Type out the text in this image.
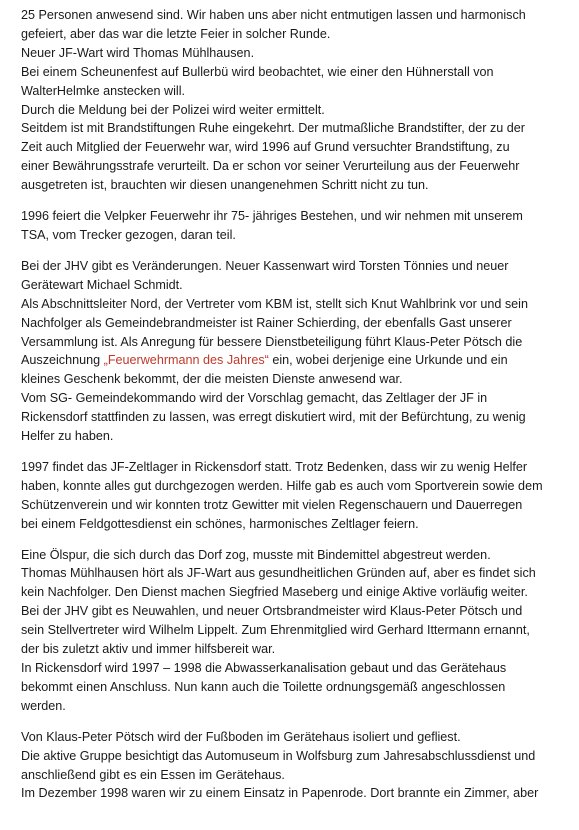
25 Personen anwesend sind. Wir haben uns aber nicht entmutigen lassen und harmonisch
gefeiert, aber das war die letzte Feier in solcher Runde.
Neuer JF-Wart wird Thomas Mühlhausen.
Bei einem Scheunenfest auf Bullerbü wird beobachtet, wie einer den Hühnerstall von
WalterHelmke anstecken will.
Durch die Meldung bei der Polizei wird weiter ermittelt.
Seitdem ist mit Brandstiftungen Ruhe eingekehrt. Der mutmaßliche Brandstifter, der zu der
Zeit auch Mitglied der Feuerwehr war, wird 1996 auf Grund versuchter Brandstiftung, zu
einer Bewährungsstrafe verurteilt. Da er schon vor seiner Verurteilung aus der Feuerwehr
ausgetreten ist, brauchten wir diesen unangenehmen Schritt nicht zu tun.
1996 feiert die Velpker Feuerwehr ihr 75- jähriges Bestehen, und wir nehmen mit unserem
TSA, vom Trecker gezogen, daran teil.
Bei der JHV gibt es Veränderungen. Neuer Kassenwart wird Torsten Tönnies und neuer
Gerätewart Michael Schmidt.
Als Abschnittsleiter Nord, der Vertreter vom KBM ist, stellt sich Knut Wahlbrink vor und sein
Nachfolger als Gemeindebrandmeister ist Rainer Schierding, der ebenfalls Gast unserer
Versammlung ist. Als Anregung für bessere Dienstbeteiligung führt Klaus-Peter Pötsch die
Auszeichnung „Feuerwehrmann des Jahres“ ein, wobei derjenige eine Urkunde und ein
kleines Geschenk bekommt, der die meisten Dienste anwesend war.
Vom SG- Gemeindekommando wird der Vorschlag gemacht, das Zeltlager der JF in
Rickensdorf stattfinden zu lassen, was erregt diskutiert wird, mit der Befürchtung, zu wenig
Helfer zu haben.
1997 findet das JF-Zeltlager in Rickensdorf statt. Trotz Bedenken, dass wir zu wenig Helfer
haben, konnte alles gut durchgezogen werden. Hilfe gab es auch vom Sportverein sowie dem
Schützenverein und wir konnten trotz Gewitter mit vielen Regenschauern und Dauerregen
bei einem Feldgottesdienst ein schönes, harmonisches Zeltlager feiern.
Eine Ölspur, die sich durch das Dorf zog, musste mit Bindemittel abgestreut werden.
Thomas Mühlhausen hört als JF-Wart aus gesundheitlichen Gründen auf, aber es findet sich
kein Nachfolger. Den Dienst machen Siegfried Maseberg und einige Aktive vorläufig weiter.
Bei der JHV gibt es Neuwahlen, und neuer Ortsbrandmeister wird Klaus-Peter Pötsch und
sein Stellvertreter wird Wilhelm Lippelt. Zum Ehrenmitglied wird Gerhard Ittermann ernannt,
der bis zuletzt aktiv und immer hilfsbereit war.
In Rickensdorf wird 1997 – 1998 die Abwasserkanalisation gebaut und das Gerätehaus
bekommt einen Anschluss. Nun kann auch die Toilette ordnungsgemäß angeschlossen
werden.
Von Klaus-Peter Pötsch wird der Fußboden im Gerätehaus isoliert und gefliest.
Die aktive Gruppe besichtigt das Automuseum in Wolfsburg zum Jahresabschlussdienst und
anschließend gibt es ein Essen im Gerätehaus.
Im Dezember 1998 waren wir zu einem Einsatz in Papenrode. Dort brannte ein Zimmer, aber
